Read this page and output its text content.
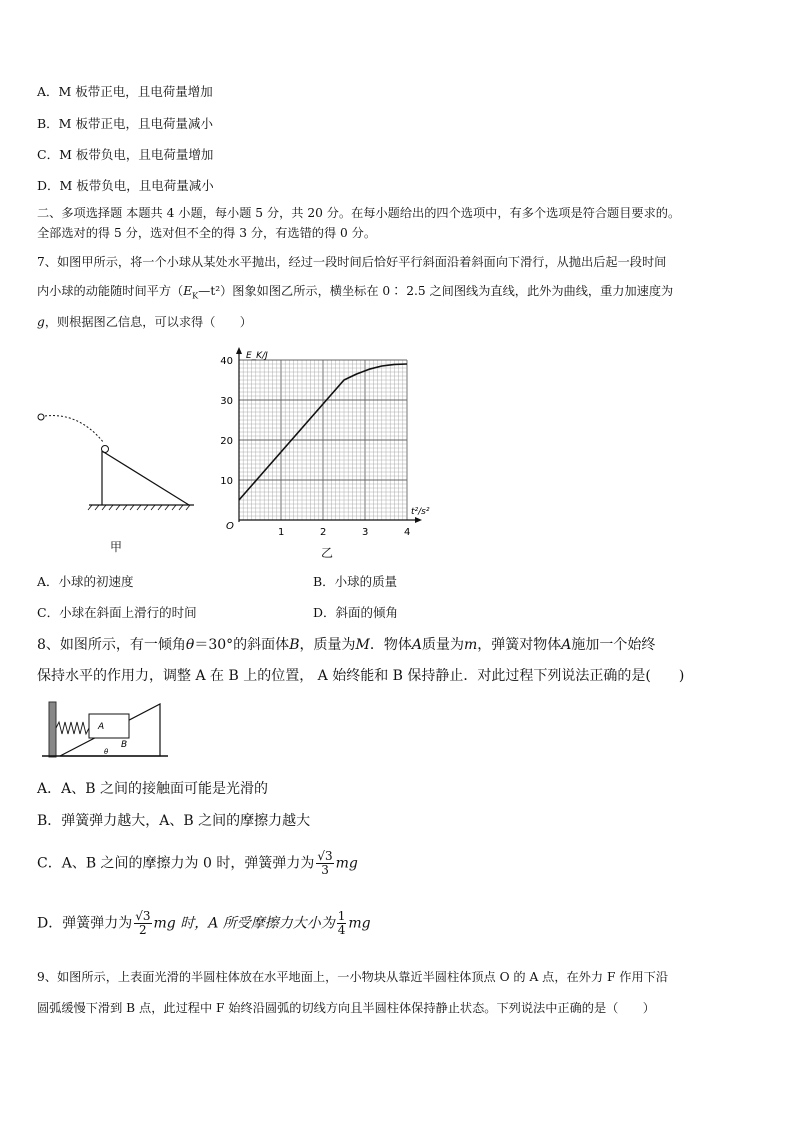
A．M 板带正电，且电荷量增加
B．M 板带正电，且电荷量减小
C．M 板带负电，且电荷量增加
D．M 板带负电，且电荷量减小
二、多项选择题 本题共 4 小题，每小题 5 分，共 20 分。在每小题给出的四个选项中，有多个选项是符合题目要求的。
全部选对的得 5 分，选对但不全的得 3 分，有选错的得 0 分。
7、如图甲所示，将一个小球从某处水平抛出，经过一段时间后恰好平行斜面沿着斜面向下滑行，从抛出后起一段时间
内小球的动能随时间平方$(E_K—t^2)$图象如图乙所示，横坐标在 0∶ 2.5 之间图线为直线，此外为曲线，重力加速度为
g，则根据图乙信息，可以求得（　　）
甲
O
1	2	3	4
10
20
30
40 E_K/J
t²/s²
乙
A．小球的初速度	B．小球的质量
C．小球在斜面上滑行的时间	D．斜面的倾角
8、如图所示，有一倾角θ＝30°的斜面体B，质量为M．物体A质量为m，弹簧对物体A施加一个始终
保持水平的作用力，调整 A 在 B 上的位置， A 始终能和 B 保持静止．对此过程下列说法正确的是(　　)
A
B
θ
A．A、B 之间的接触面可能是光滑的
B．弹簧弹力越大，A、B 之间的摩擦力越大
C．A、B 之间的摩擦力为 0 时，弹簧弹力为 $\frac{√3}{3}$ mg
D．弹簧弹力为 $\frac{√3}{2}$ mg 时，A 所受摩擦力大小为 $\frac{1}{4}$ mg
9、如图所示，上表面光滑的半圆柱体放在水平地面上，一小物块从靠近半圆柱体顶点 O 的 A 点，在外力 F 作用下沿
圆弧缓慢下滑到 B 点，此过程中 F 始终沿圆弧的切线方向且半圆柱体保持静止状态。下列说法中正确的是（　　）
